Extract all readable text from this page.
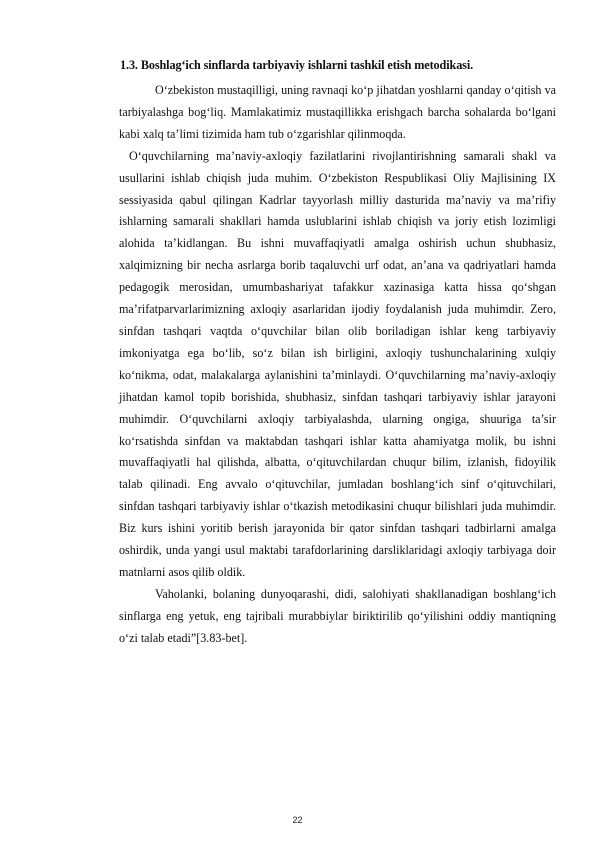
1.3. Boshlag‘ich sinflarda tarbiyaviy ishlarni tashkil etish metodikasi.

O‘zbekiston mustaqilligi, uning ravnaqi ko‘p jihatdan yoshlarni qanday o‘qitish va tarbiyalashga bog‘liq. Mamlakatimiz mustaqillikka erishgach barcha sohalarda bo‘lgani kabi xalq ta’limi tizimida ham tub o‘zgarishlar qilinmoqda.

O‘quvchilarning ma’naviy-axloqiy fazilatlarini rivojlantirishning samarali shakl va usullarini ishlab chiqish juda muhim. O‘zbekiston Respublikasi Oliy Majlisining IX sessiyasida qabul qilingan Kadrlar tayyorlash milliy dasturida ma’naviy va ma’rifiy ishlarning samarali shakllari hamda uslublarini ishlab chiqish va joriy etish lozimligi alohida ta’kidlangan. Bu ishni muvaffaqiyatli amalga oshirish uchun shubhasiz, xalqimizning bir necha asrlarga borib taqaluvchi urf odat, an’ana va qadriyatlari hamda pedagogik merosidan, umumbashariyat tafakkur xazinasiga katta hissa qo‘shgan ma’rifatparvarlarimizning axloqiy asarlaridan ijodiy foydalanish juda muhimdir. Zero, sinfdan tashqari vaqtda o‘quvchilar bilan olib boriladigan ishlar keng tarbiyaviy imkoniyatga ega bo‘lib, so‘z bilan ish birligini, axloqiy tushunchalarining xulqiy ko‘nikma, odat, malakalarga aylanishini ta’minlaydi. O‘quvchilarning ma’naviy-axloqiy jihatdan kamol topib borishida, shubhasiz, sinfdan tashqari tarbiyaviy ishlar jarayoni muhimdir. O‘quvchilarni axloqiy tarbiyalashda, ularning ongiga, shuuriga ta’sir ko‘rsatishda sinfdan va maktabdan tashqari ishlar katta ahamiyatga molik, bu ishni muvaffaqiyatli hal qilishda, albatta, o‘qituvchilardan chuqur bilim, izlanish, fidoyilik talab qilinadi. Eng avvalo o‘qituvchilar, jumladan boshlang‘ich sinf o‘qituvchilari, sinfdan tashqari tarbiyaviy ishlar o‘tkazish metodikasini chuqur bilishlari juda muhimdir. Biz kurs ishini yoritib berish jarayonida bir qator sinfdan tashqari tadbirlarni amalga oshirdik, unda yangi usul maktabi tarafdorlarining darsliklaridagi axloqiy tarbiyaga doir matnlarni asos qilib oldik.

Vaholanki, bolaning dunyoqarashi, didi, salohiyati shakllanadigan boshlang‘ich sinflarga eng yetuk, eng tajribali murabbiylar biriktirilib qo‘yilishini oddiy mantiqning o‘zi talab etadi”[3.83-bet].

22
